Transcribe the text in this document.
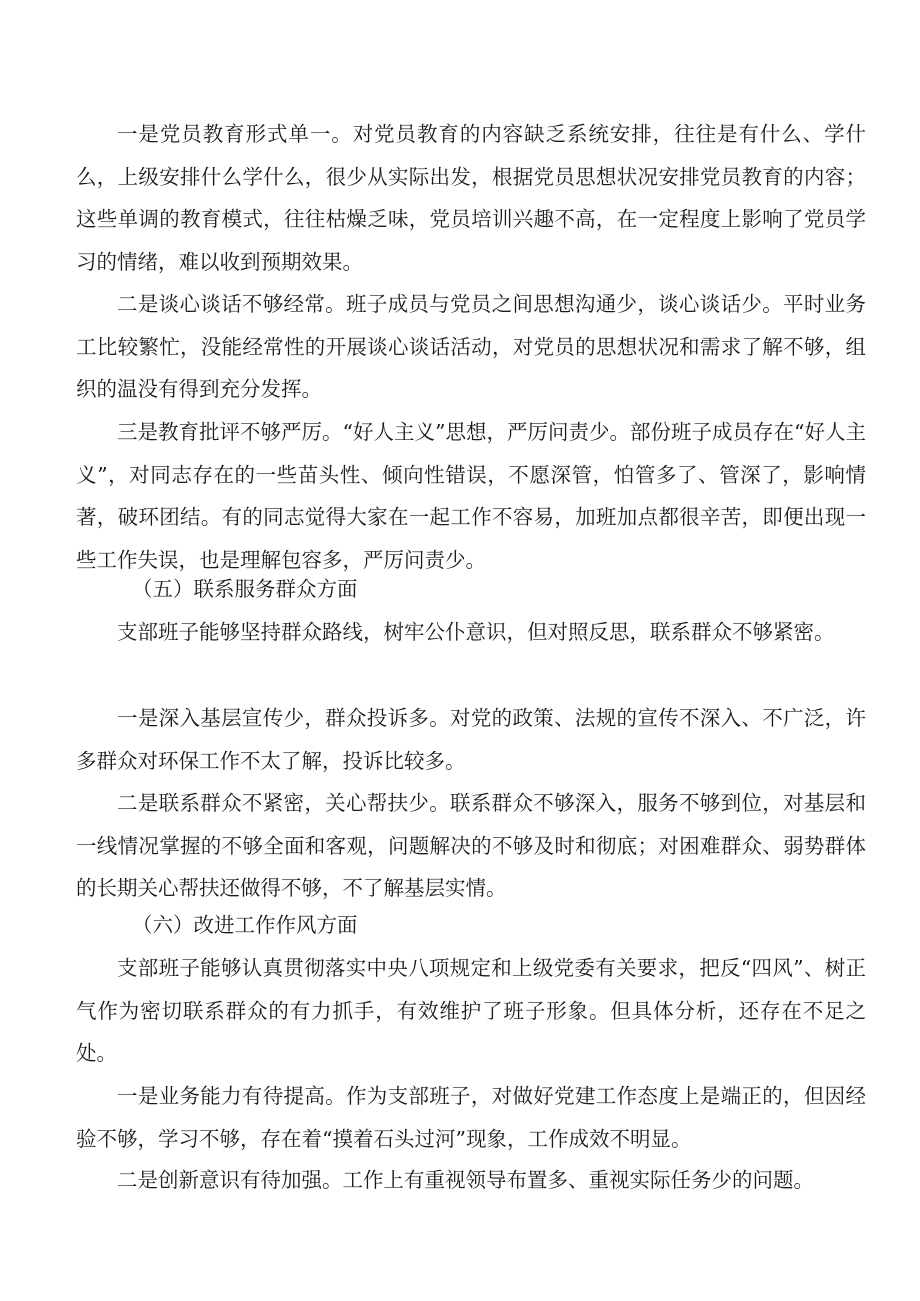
一是党员教育形式单一。对党员教育的内容缺乏系统安排，往往是有什么、学什么，上级安排什么学什么，很少从实际出发，根据党员思想状况安排党员教育的内容；这些单调的教育模式，往往枯燥乏味，党员培训兴趣不高，在一定程度上影响了党员学习的情绪，难以收到预期效果。

二是谈心谈话不够经常。班子成员与党员之间思想沟通少，谈心谈话少。平时业务工比较繁忙，没能经常性的开展谈心谈话活动，对党员的思想状况和需求了解不够，组织的温没有得到充分发挥。

三是教育批评不够严厉。“好人主义”思想，严厉问责少。部份班子成员存在“好人主义”，对同志存在的一些苗头性、倾向性错误，不愿深管，怕管多了、管深了，影响情著，破环团结。有的同志觉得大家在一起工作不容易，加班加点都很辛苦，即便出现一些工作失误，也是理解包容多，严厉问责少。

（五）联系服务群众方面

支部班子能够坚持群众路线，树牢公仆意识，但对照反思，联系群众不够紧密。

一是深入基层宣传少，群众投诉多。对党的政策、法规的宣传不深入、不广泛，许多群众对环保工作不太了解，投诉比较多。

二是联系群众不紧密，关心帮扶少。联系群众不够深入，服务不够到位，对基层和一线情况掌握的不够全面和客观，问题解决的不够及时和彻底；对困难群众、弱势群体的长期关心帮扶还做得不够，不了解基层实情。

（六）改进工作作风方面

支部班子能够认真贯彻落实中央八项规定和上级党委有关要求，把反“四风”、树正气作为密切联系群众的有力抓手，有效维护了班子形象。但具体分析，还存在不足之处。

一是业务能力有待提高。作为支部班子，对做好党建工作态度上是端正的，但因经验不够，学习不够，存在着“摸着石头过河”现象，工作成效不明显。

二是创新意识有待加强。工作上有重视领导布置多、重视实际任务少的问题。
